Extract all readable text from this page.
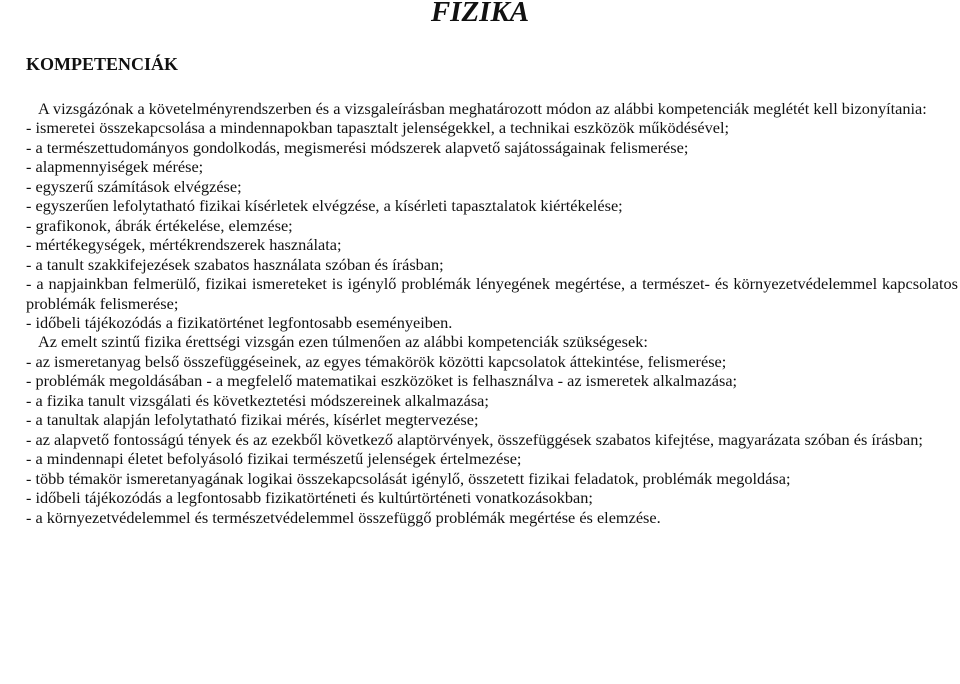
FIZIKA
KOMPETENCIÁK

A vizsgázónak a követelményrendszerben és a vizsgaleírásban meghatározott módon az alábbi kompetenciák meglétét kell bizonyítania:

- ismeretei összekapcsolása a mindennapokban tapasztalt jelenségekkel, a technikai eszközök működésével;

- a természettudományos gondolkodás, megismerési módszerek alapvető sajátosságainak felismerése;

- alapmennyiségek mérése;

- egyszerű számítások elvégzése;

- egyszerűen lefolytatható fizikai kísérletek elvégzése, a kísérleti tapasztalatok kiértékelése;

- grafikonok, ábrák értékelése, elemzése;

- mértékegységek, mértékrendszerek használata;

- a tanult szakkifejezések szabatos használata szóban és írásban;

- a napjainkban felmerülő, fizikai ismereteket is igénylő problémák lényegének megértése, a természet- és környezetvédelemmel kapcsolatos problémák felismerése;

- időbeli tájékozódás a fizikatörténet legfontosabb eseményeiben.

Az emelt szintű fizika érettségi vizsgán ezen túlmenően az alábbi kompetenciák szükségesek:

- az ismeretanyag belső összefüggéseinek, az egyes témakörök közötti kapcsolatok áttekintése, felismerése;

- problémák megoldásában - a megfelelő matematikai eszközöket is felhasználva - az ismeretek alkalmazása;

- a fizika tanult vizsgálati és következtetési módszereinek alkalmazása;

- a tanultak alapján lefolytatható fizikai mérés, kísérlet megtervezése;

- az alapvető fontosságú tények és az ezekből következő alaptörvények, összefüggések szabatos kifejtése, magyarázata szóban és írásban;

- a mindennapi életet befolyásoló fizikai természetű jelenségek értelmezése;

- több témakör ismeretanyagának logikai összekapcsolását igénylő, összetett fizikai feladatok, problémák megoldása;

- időbeli tájékozódás a legfontosabb fizikatörténeti és kultúrtörténeti vonatkozásokban;

- a környezetvédelemmel és természetvédelemmel összefüggő problémák megértése és elemzése.
